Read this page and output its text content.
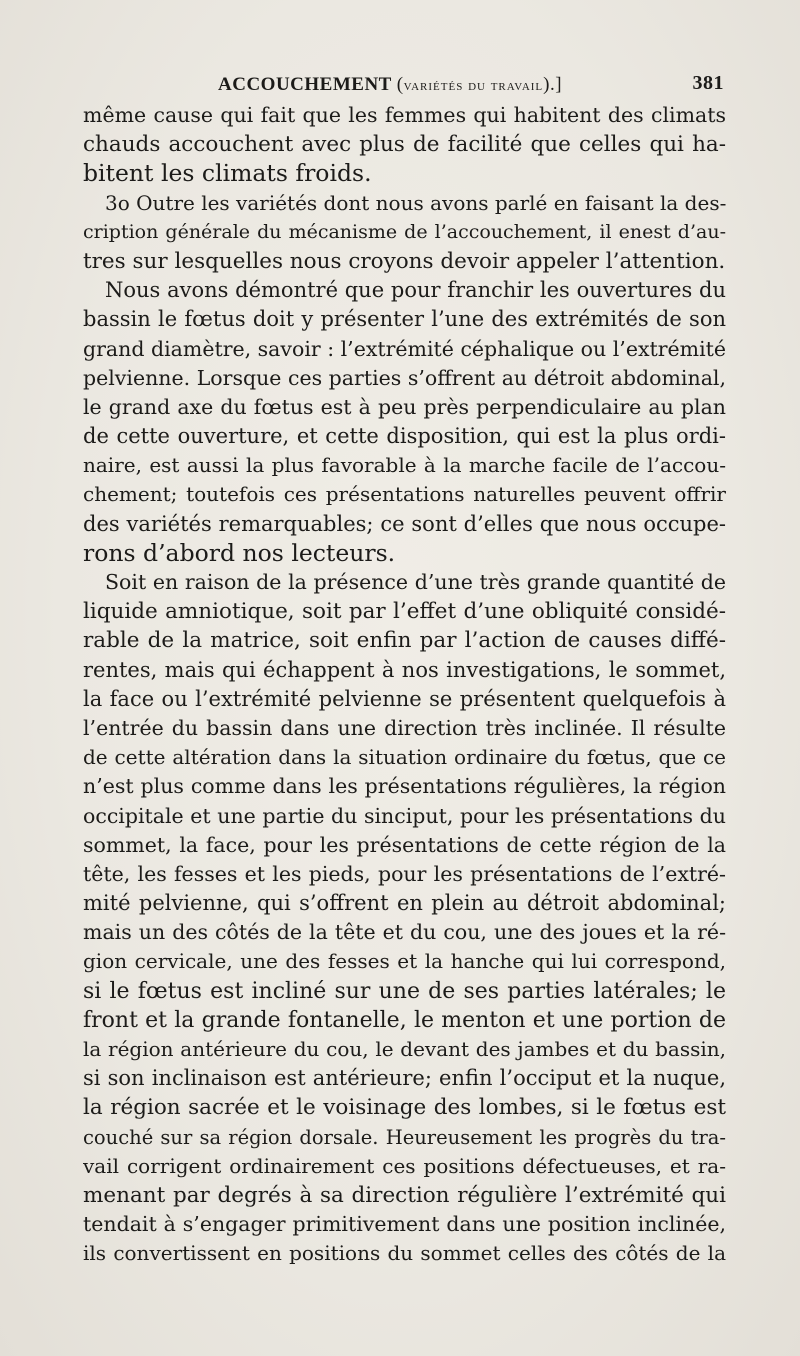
ACCOUCHEMENT (variétés du travail).]	381
même cause qui fait que les femmes qui habitent des climats
chauds accouchent avec plus de facilité que celles qui ha-
bitent les climats froids.
3o Outre les variétés dont nous avons parlé en faisant la des-
cription générale du mécanisme de l’accouchement, il enest d’au-
tres sur lesquelles nous croyons devoir appeler l’attention.
Nous avons démontré que pour franchir les ouvertures du
bassin le fœtus doit y présenter l’une des extrémités de son
grand diamètre, savoir : l’extrémité céphalique ou l’extrémité
pelvienne. Lorsque ces parties s’offrent au détroit abdominal,
le grand axe du fœtus est à peu près perpendiculaire au plan
de cette ouverture, et cette disposition, qui est la plus ordi-
naire, est aussi la plus favorable à la marche facile de l’accou-
chement; toutefois ces présentations naturelles peuvent offrir
des variétés remarquables; ce sont d’elles que nous occupe-
rons d’abord nos lecteurs.
Soit en raison de la présence d’une très grande quantité de
liquide amniotique, soit par l’effet d’une obliquité considé-
rable de la matrice, soit enfin par l’action de causes diffé-
rentes, mais qui échappent à nos investigations, le sommet,
la face ou l’extrémité pelvienne se présentent quelquefois à
l’entrée du bassin dans une direction très inclinée. Il résulte
de cette altération dans la situation ordinaire du fœtus, que ce
n’est plus comme dans les présentations régulières, la région
occipitale et une partie du sinciput, pour les présentations du
sommet, la face, pour les présentations de cette région de la
tête, les fesses et les pieds, pour les présentations de l’extré-
mité pelvienne, qui s’offrent en plein au détroit abdominal;
mais un des côtés de la tête et du cou, une des joues et la ré-
gion cervicale, une des fesses et la hanche qui lui correspond,
si le fœtus est incliné sur une de ses parties latérales; le
front et la grande fontanelle, le menton et une portion de
la région antérieure du cou, le devant des jambes et du bassin,
si son inclinaison est antérieure; enfin l’occiput et la nuque,
la région sacrée et le voisinage des lombes, si le fœtus est
couché sur sa région dorsale. Heureusement les progrès du tra-
vail corrigent ordinairement ces positions défectueuses, et ra-
menant par degrés à sa direction régulière l’extrémité qui
tendait à s’engager primitivement dans une position inclinée,
ils convertissent en positions du sommet celles des côtés de la
